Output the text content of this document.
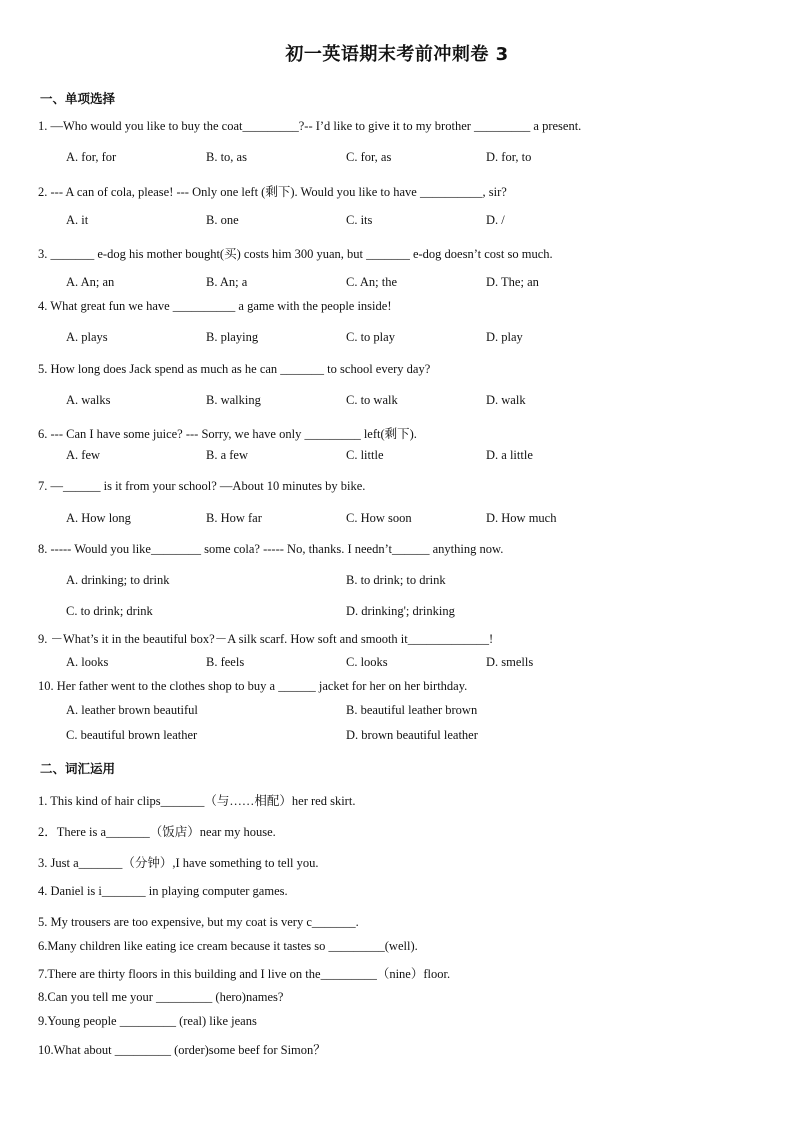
初一英语期末考前冲刺卷 3
一、单项选择
1. —Who would you like to buy the coat_________?-- I’d like to give it to my brother _________ a present.
A. for, for	B. to, as	C. for, as	D. for, to
2. --- A can of cola, please! --- Only one left (剩下). Would you like to have __________, sir?
A. it	B. one	C. its	D. /
3. _______ e-dog his mother bought(买) costs him 300 yuan, but _______ e-dog doesn’t cost so much.
A. An; an	B. An; a	C. An; the	D. The; an
4. What great fun we have __________ a game with the people inside!
A. plays	B. playing	C. to play	D. play
5. How long does Jack spend as much as he can _______ to school every day?
A. walks	B. walking	C. to walk	D. walk
6. --- Can I have some juice? --- Sorry, we have only _________ left(剩下).
A. few	B. a few	C. little	D. a little
7. —______ is it from your school? —About 10 minutes by bike.
A. How long	B. How far	C. How soon	D. How much
8. ----- Would you like________ some cola? ----- No, thanks. I needn’t______ anything now.
A. drinking; to drink	B. to drink; to drink
C. to drink; drink	D. drinking'; drinking
9. －What’s it in the beautiful box?－A silk scarf. How soft and smooth it_____________!
A. looks	B. feels	C. looks	D. smells
10. Her father went to the clothes shop to buy a ______ jacket for her on her birthday.
A. leather brown beautiful	B. beautiful leather brown
C. beautiful brown leather	D. brown beautiful leather
二、词汇运用
1. This kind of hair clips_______（与……相配）her red skirt.
2．There is a_______（饭店）near my house.
3. Just a_______（分钟）,I have something to tell you.
4. Daniel is i_______ in playing computer games.
5. My trousers are too expensive, but my coat is very c_______.
6.Many children like eating ice cream because it tastes so _________(well).
7.There are thirty floors in this building and I live on the_________（nine）floor.
8.Can you tell me your _________ (hero)names?
9.Young people _________ (real) like jeans
10.What about _________ (order)some beef for Simon？
